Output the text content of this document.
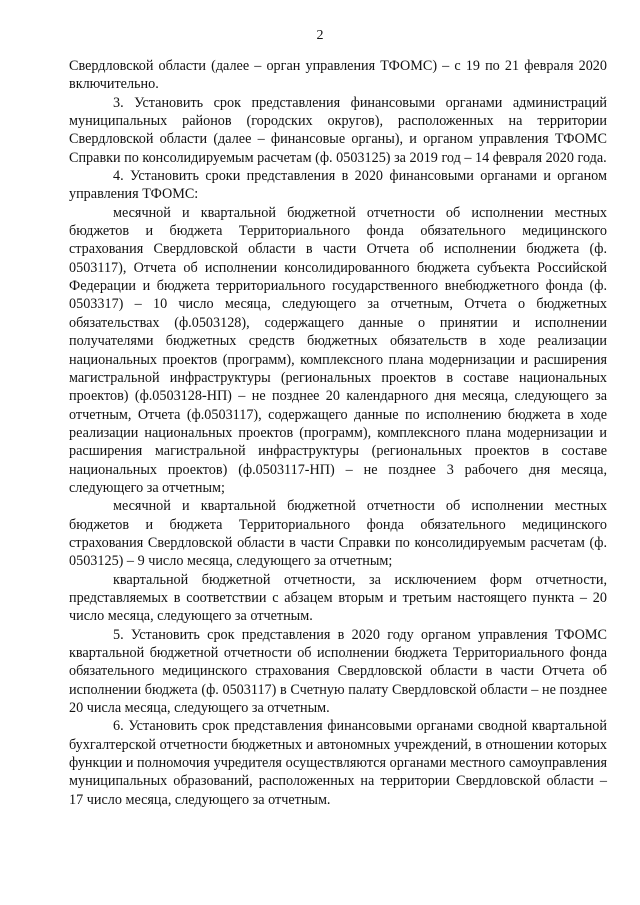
2

Свердловской области (далее – орган управления ТФОМС) – с 19 по 21 февраля 2020 включительно.

3. Установить срок представления финансовыми органами администраций муниципальных районов (городских округов), расположенных на территории Свердловской области (далее – финансовые органы), и органом управления ТФОМС Справки по консолидируемым расчетам (ф. 0503125) за 2019 год – 14 февраля 2020 года.

4. Установить сроки представления в 2020 финансовыми органами и органом управления ТФОМС:

месячной и квартальной бюджетной отчетности об исполнении местных бюджетов и бюджета Территориального фонда обязательного медицинского страхования Свердловской области в части Отчета об исполнении бюджета (ф. 0503117), Отчета об исполнении консолидированного бюджета субъекта Российской Федерации и бюджета территориального государственного внебюджетного фонда (ф. 0503317) – 10 число месяца, следующего за отчетным, Отчета о бюджетных обязательствах (ф.0503128), содержащего данные о принятии и исполнении получателями бюджетных средств бюджетных обязательств в ходе реализации национальных проектов (программ), комплексного плана модернизации и расширения магистральной инфраструктуры (региональных проектов в составе национальных проектов) (ф.0503128-НП) – не позднее 20 календарного дня месяца, следующего за отчетным, Отчета (ф.0503117), содержащего данные по исполнению бюджета в ходе реализации национальных проектов (программ), комплексного плана модернизации и расширения магистральной инфраструктуры (региональных проектов в составе национальных проектов) (ф.0503117-НП) – не позднее 3 рабочего дня месяца, следующего за отчетным;

месячной и квартальной бюджетной отчетности об исполнении местных бюджетов и бюджета Территориального фонда обязательного медицинского страхования Свердловской области в части Справки по консолидируемым расчетам (ф. 0503125) – 9 число месяца, следующего за отчетным;

квартальной бюджетной отчетности, за исключением форм отчетности, представляемых в соответствии с абзацем вторым и третьим настоящего пункта – 20 число месяца, следующего за отчетным.

5. Установить срок представления в 2020 году органом управления ТФОМС квартальной бюджетной отчетности об исполнении бюджета Территориального фонда обязательного медицинского страхования Свердловской области в части Отчета об исполнении бюджета (ф. 0503117) в Счетную палату Свердловской области – не позднее 20 числа месяца, следующего за отчетным.

6. Установить срок представления финансовыми органами сводной квартальной бухгалтерской отчетности бюджетных и автономных учреждений, в отношении которых функции и полномочия учредителя осуществляются органами местного самоуправления муниципальных образований, расположенных на территории Свердловской области – 17 число месяца, следующего за отчетным.
